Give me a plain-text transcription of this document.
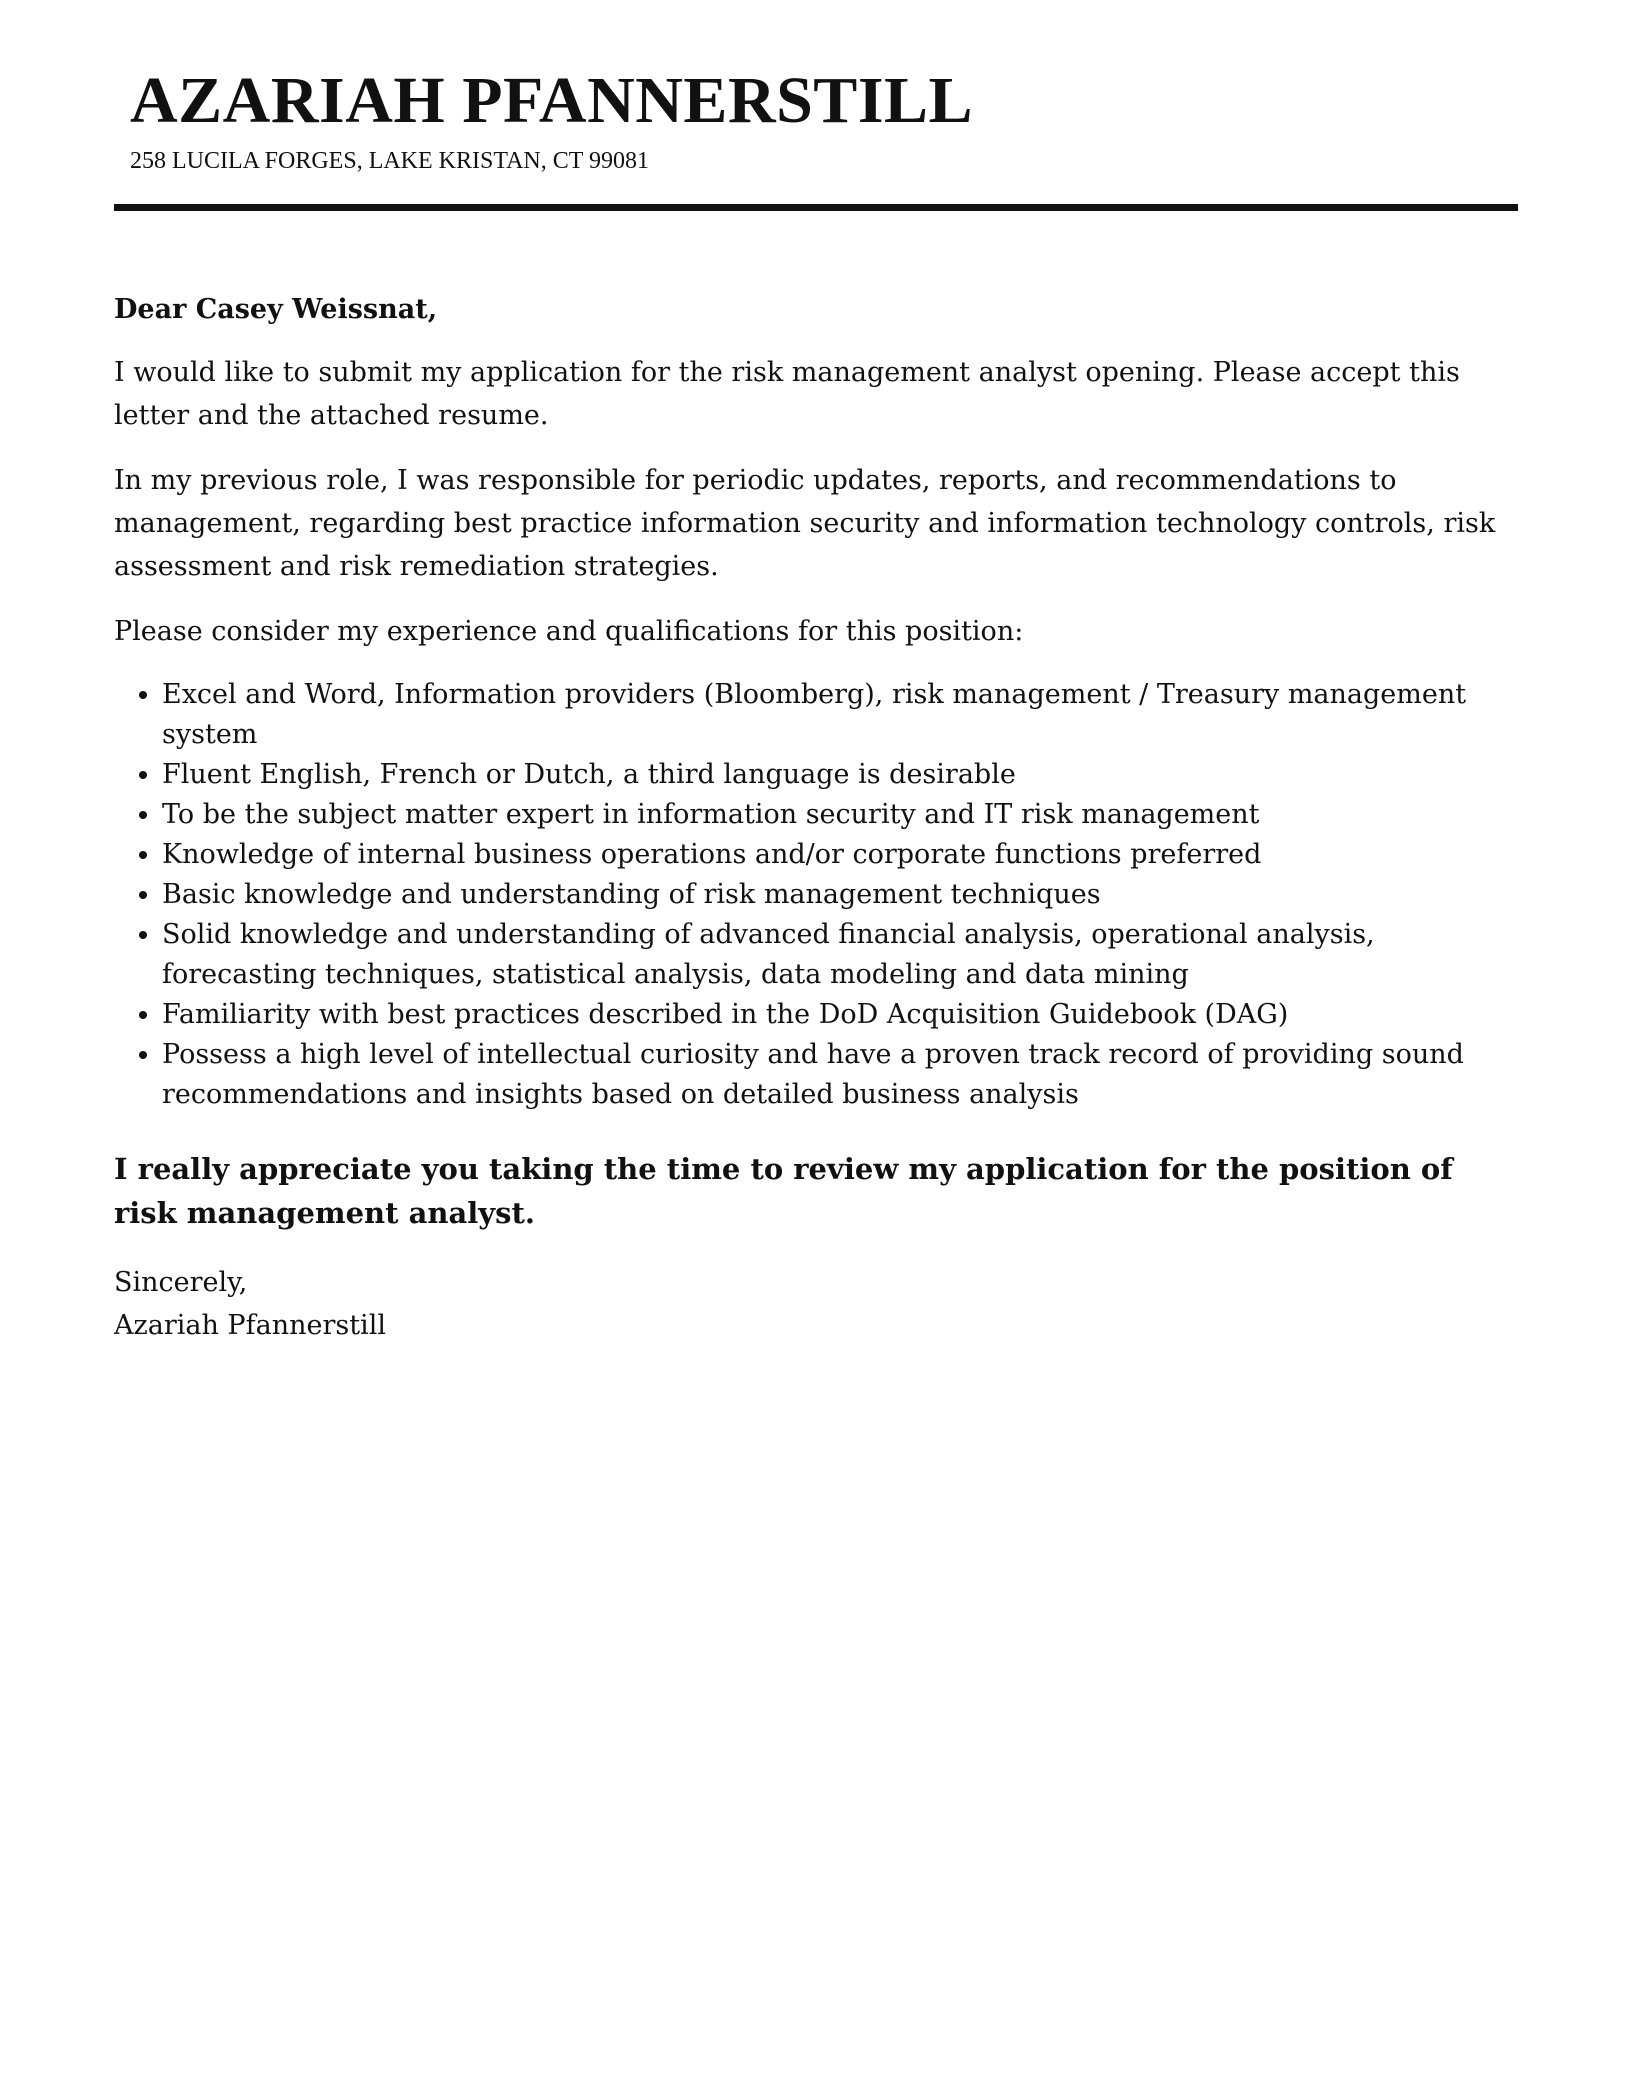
AZARIAH PFANNERSTILL
258 LUCILA FORGES, LAKE KRISTAN, CT 99081

Dear Casey Weissnat,

I would like to submit my application for the risk management analyst opening. Please accept this letter and the attached resume.

In my previous role, I was responsible for periodic updates, reports, and recommendations to management, regarding best practice information security and information technology controls, risk assessment and risk remediation strategies.

Please consider my experience and qualifications for this position:

• Excel and Word, Information providers (Bloomberg), risk management / Treasury management system
• Fluent English, French or Dutch, a third language is desirable
• To be the subject matter expert in information security and IT risk management
• Knowledge of internal business operations and/or corporate functions preferred
• Basic knowledge and understanding of risk management techniques
• Solid knowledge and understanding of advanced financial analysis, operational analysis, forecasting techniques, statistical analysis, data modeling and data mining
• Familiarity with best practices described in the DoD Acquisition Guidebook (DAG)
• Possess a high level of intellectual curiosity and have a proven track record of providing sound recommendations and insights based on detailed business analysis

I really appreciate you taking the time to review my application for the position of risk management analyst.

Sincerely,

Azariah Pfannerstill
